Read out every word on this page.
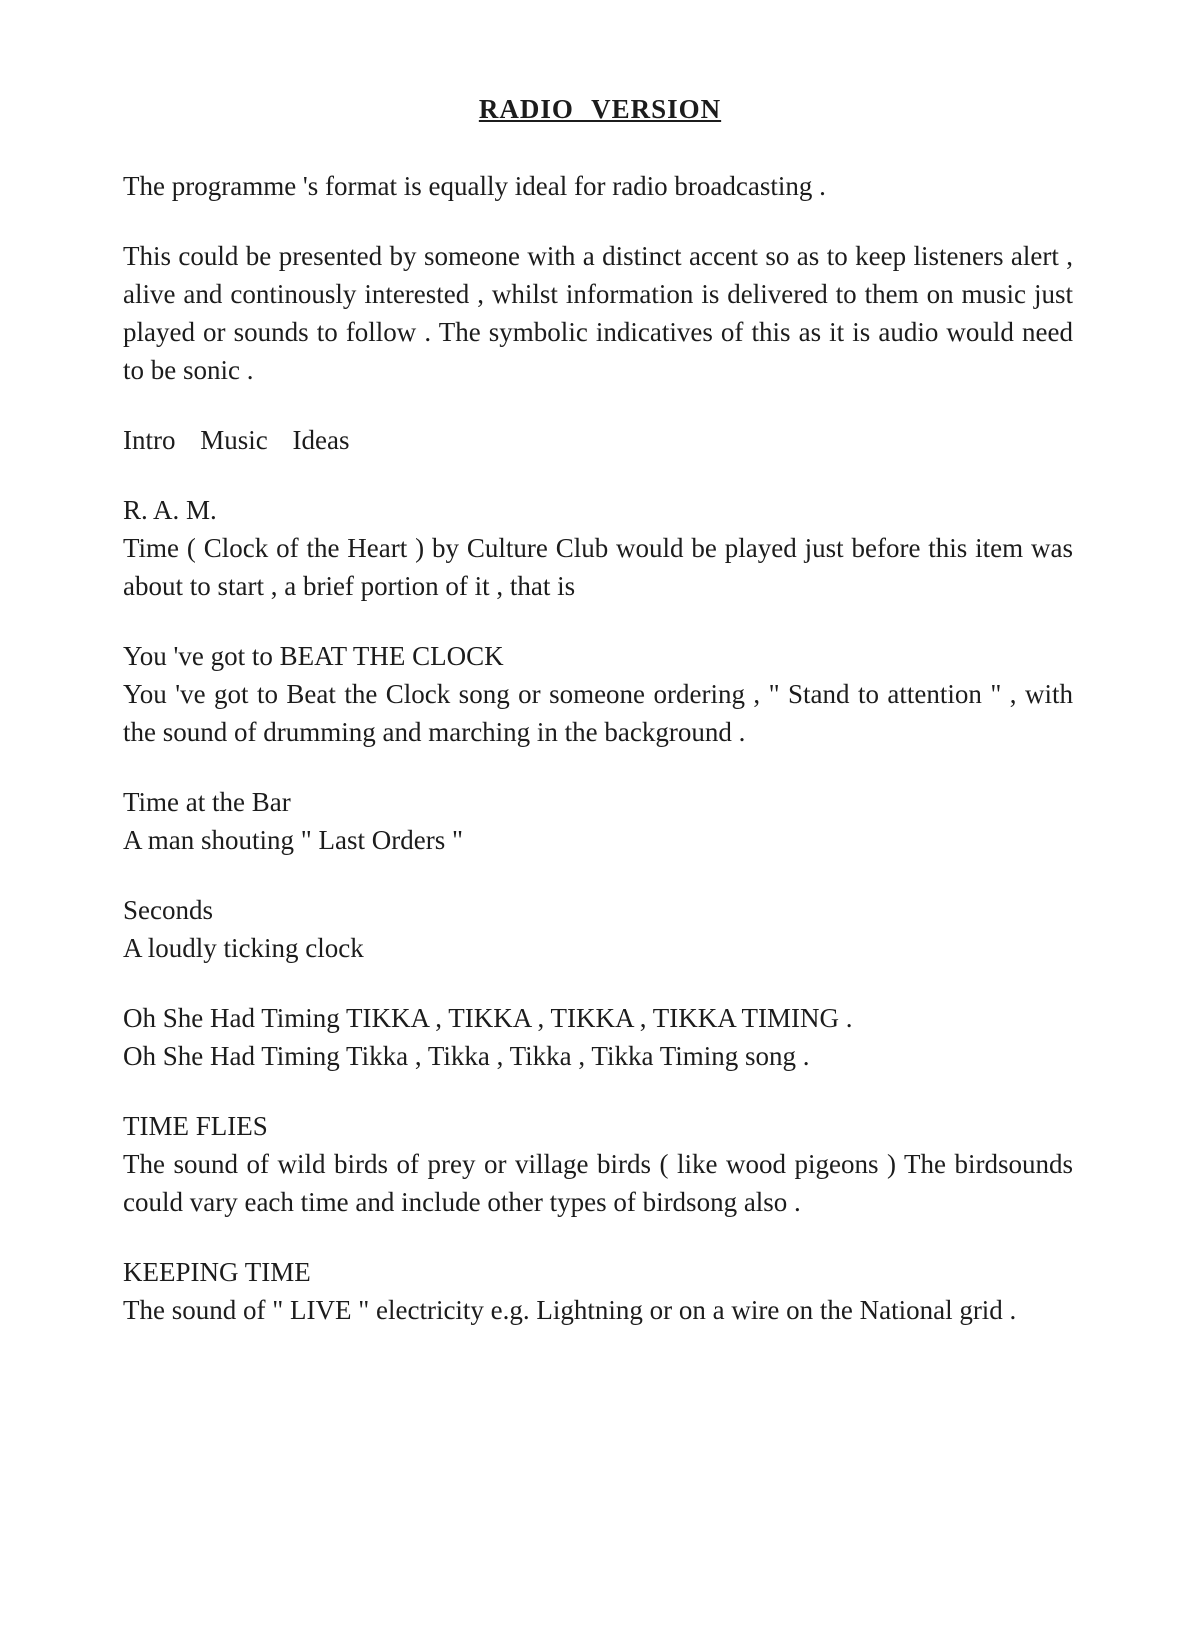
RADIO VERSION

The programme 's format is equally ideal for radio broadcasting .

This could be presented by someone with a distinct accent so as to keep listeners alert , alive and continously interested , whilst information is delivered to them on music just played or sounds to follow . The symbolic indicatives of this as it is audio would need to be sonic .

Intro Music Ideas

R. A. M.
Time ( Clock of the Heart ) by Culture Club would be played just before this item was about to start , a brief portion of it , that is
You 've got to BEAT THE CLOCK
You 've got to Beat the Clock song or someone ordering , " Stand to attention " , with the sound of drumming and marching in the background .
Time at the Bar
A man shouting " Last Orders "
Seconds
A loudly ticking clock
Oh She Had Timing TIKKA , TIKKA , TIKKA , TIKKA TIMING .
Oh She Had Timing Tikka , Tikka , Tikka , Tikka Timing song .
TIME FLIES
The sound of wild birds of prey or village birds ( like wood pigeons ) The birdsounds could vary each time and include other types of birdsong also .
KEEPING TIME
The sound of " LIVE " electricity e.g. Lightning or on a wire on the National grid .
